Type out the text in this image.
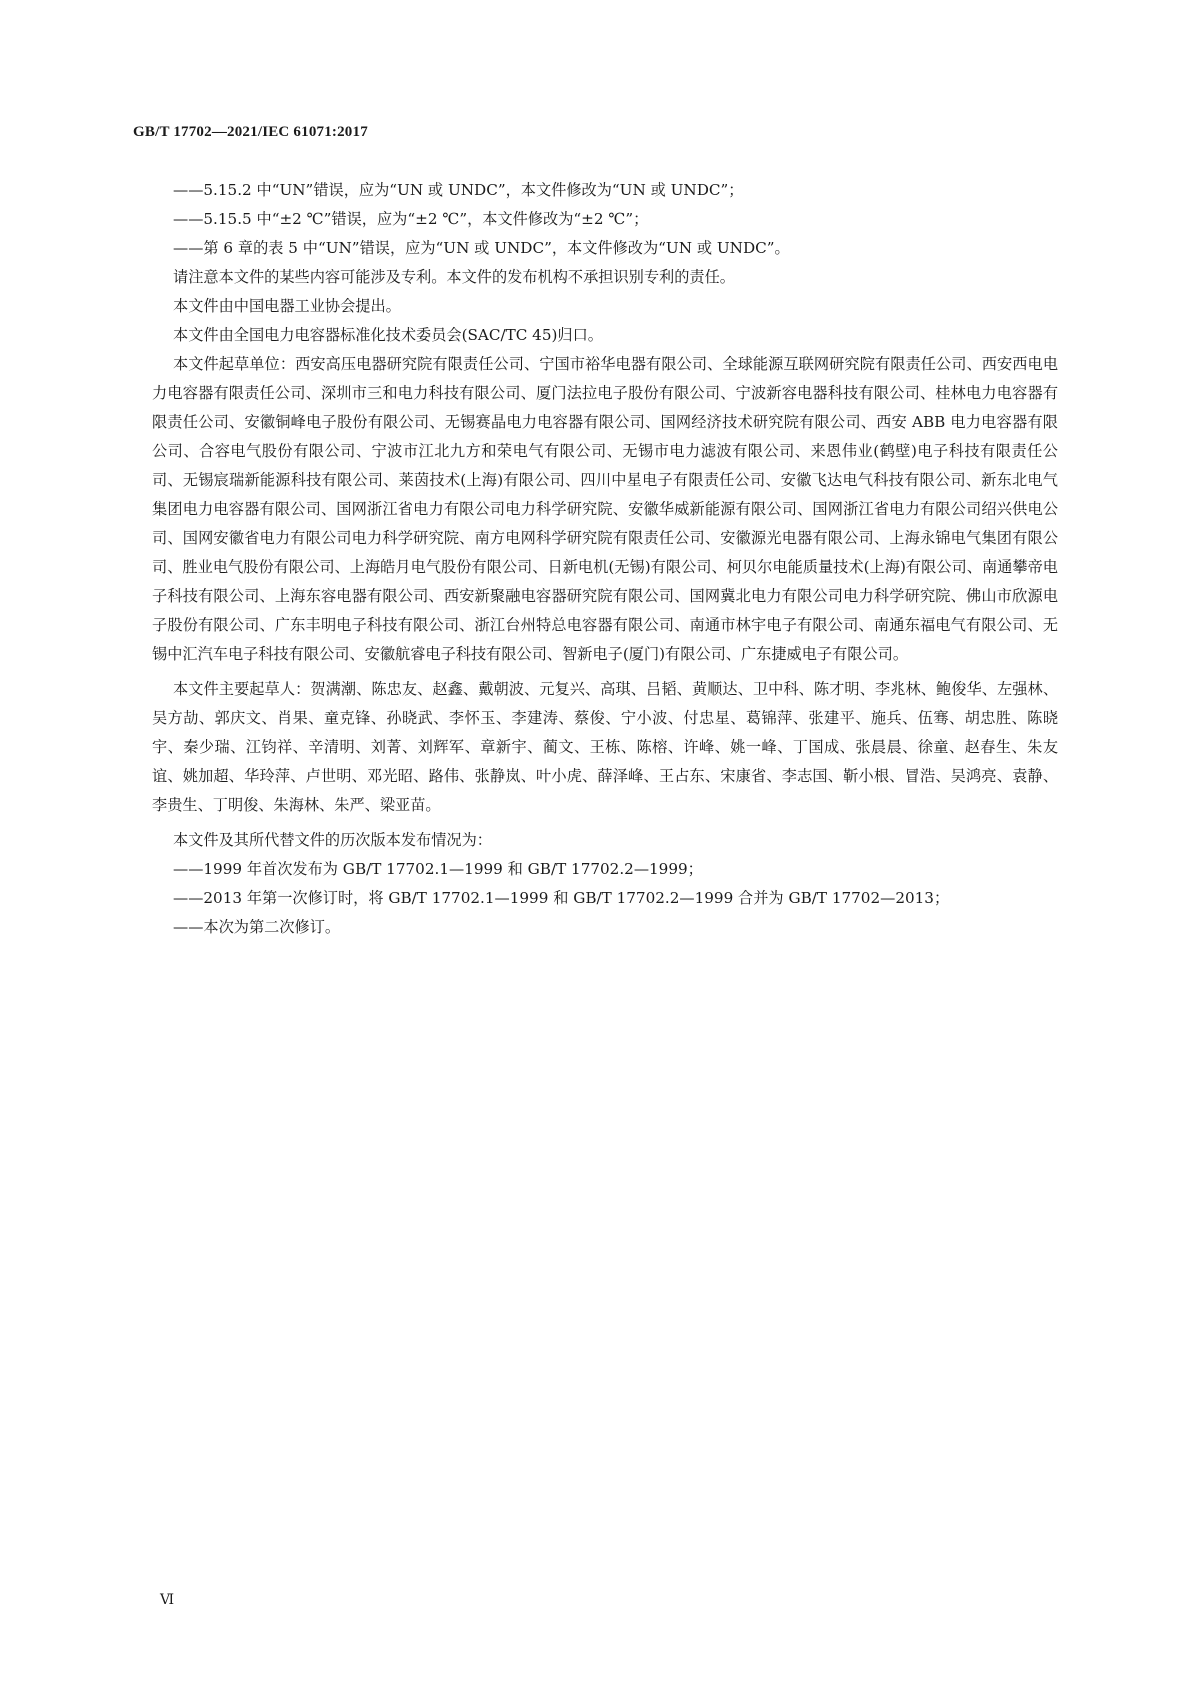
GB/T 17702—2021/IEC 61071:2017

——5.15.2 中“UN”错误，应为“UN 或 UNDC”，本文件修改为“UN 或 UNDC”；

——5.15.5 中“±2 ℃”错误，应为“±2 ℃”，本文件修改为“±2 ℃”；

——第 6 章的表 5 中“UN”错误，应为“UN 或 UNDC”，本文件修改为“UN 或 UNDC”。

请注意本文件的某些内容可能涉及专利。本文件的发布机构不承担识别专利的责任。

本文件由中国电器工业协会提出。

本文件由全国电力电容器标准化技术委员会(SAC/TC 45)归口。

本文件起草单位：西安高压电器研究院有限责任公司、宁国市裕华电器有限公司、全球能源互联网研究院有限责任公司、西安西电电力电容器有限责任公司、深圳市三和电力科技有限公司、厦门法拉电子股份有限公司、宁波新容电器科技有限公司、桂林电力电容器有限责任公司、安徽铜峰电子股份有限公司、无锡赛晶电力电容器有限公司、国网经济技术研究院有限公司、西安 ABB 电力电容器有限公司、合容电气股份有限公司、宁波市江北九方和荣电气有限公司、无锡市电力滤波有限公司、来恩伟业(鹤壁)电子科技有限责任公司、无锡宸瑞新能源科技有限公司、莱茵技术(上海)有限公司、四川中星电子有限责任公司、安徽飞达电气科技有限公司、新东北电气集团电力电容器有限公司、国网浙江省电力有限公司电力科学研究院、安徽华威新能源有限公司、国网浙江省电力有限公司绍兴供电公司、国网安徽省电力有限公司电力科学研究院、南方电网科学研究院有限责任公司、安徽源光电器有限公司、上海永锦电气集团有限公司、胜业电气股份有限公司、上海皓月电气股份有限公司、日新电机(无锡)有限公司、柯贝尔电能质量技术(上海)有限公司、南通攀帝电子科技有限公司、上海东容电器有限公司、西安新聚融电容器研究院有限公司、国网冀北电力有限公司电力科学研究院、佛山市欣源电子股份有限公司、广东丰明电子科技有限公司、浙江台州特总电容器有限公司、南通市林宇电子有限公司、南通东福电气有限公司、无锡中汇汽车电子科技有限公司、安徽航睿电子科技有限公司、智新电子(厦门)有限公司、广东捷威电子有限公司。

本文件主要起草人：贺满潮、陈忠友、赵鑫、戴朝波、元复兴、高琪、吕韬、黄顺达、卫中科、陈才明、李兆林、鲍俊华、左强林、吴方劼、郭庆文、肖果、童克锋、孙晓武、李怀玉、李建涛、蔡俊、宁小波、付忠星、葛锦萍、张建平、施兵、伍骞、胡忠胜、陈晓宇、秦少瑞、江钧祥、辛清明、刘菁、刘辉军、章新宇、蔺文、王栋、陈榕、许峰、姚一峰、丁国成、张晨晨、徐童、赵春生、朱友谊、姚加超、华玲萍、卢世明、邓光昭、路伟、张静岚、叶小虎、薛泽峰、王占东、宋康省、李志国、靳小根、冒浩、吴鸿亮、袁静、李贵生、丁明俊、朱海林、朱严、梁亚苗。

本文件及其所代替文件的历次版本发布情况为：

——1999 年首次发布为 GB/T 17702.1—1999 和 GB/T 17702.2—1999；

——2013 年第一次修订时，将 GB/T 17702.1—1999 和 GB/T 17702.2—1999 合并为 GB/T 17702—2013；

——本次为第二次修订。

Ⅵ
